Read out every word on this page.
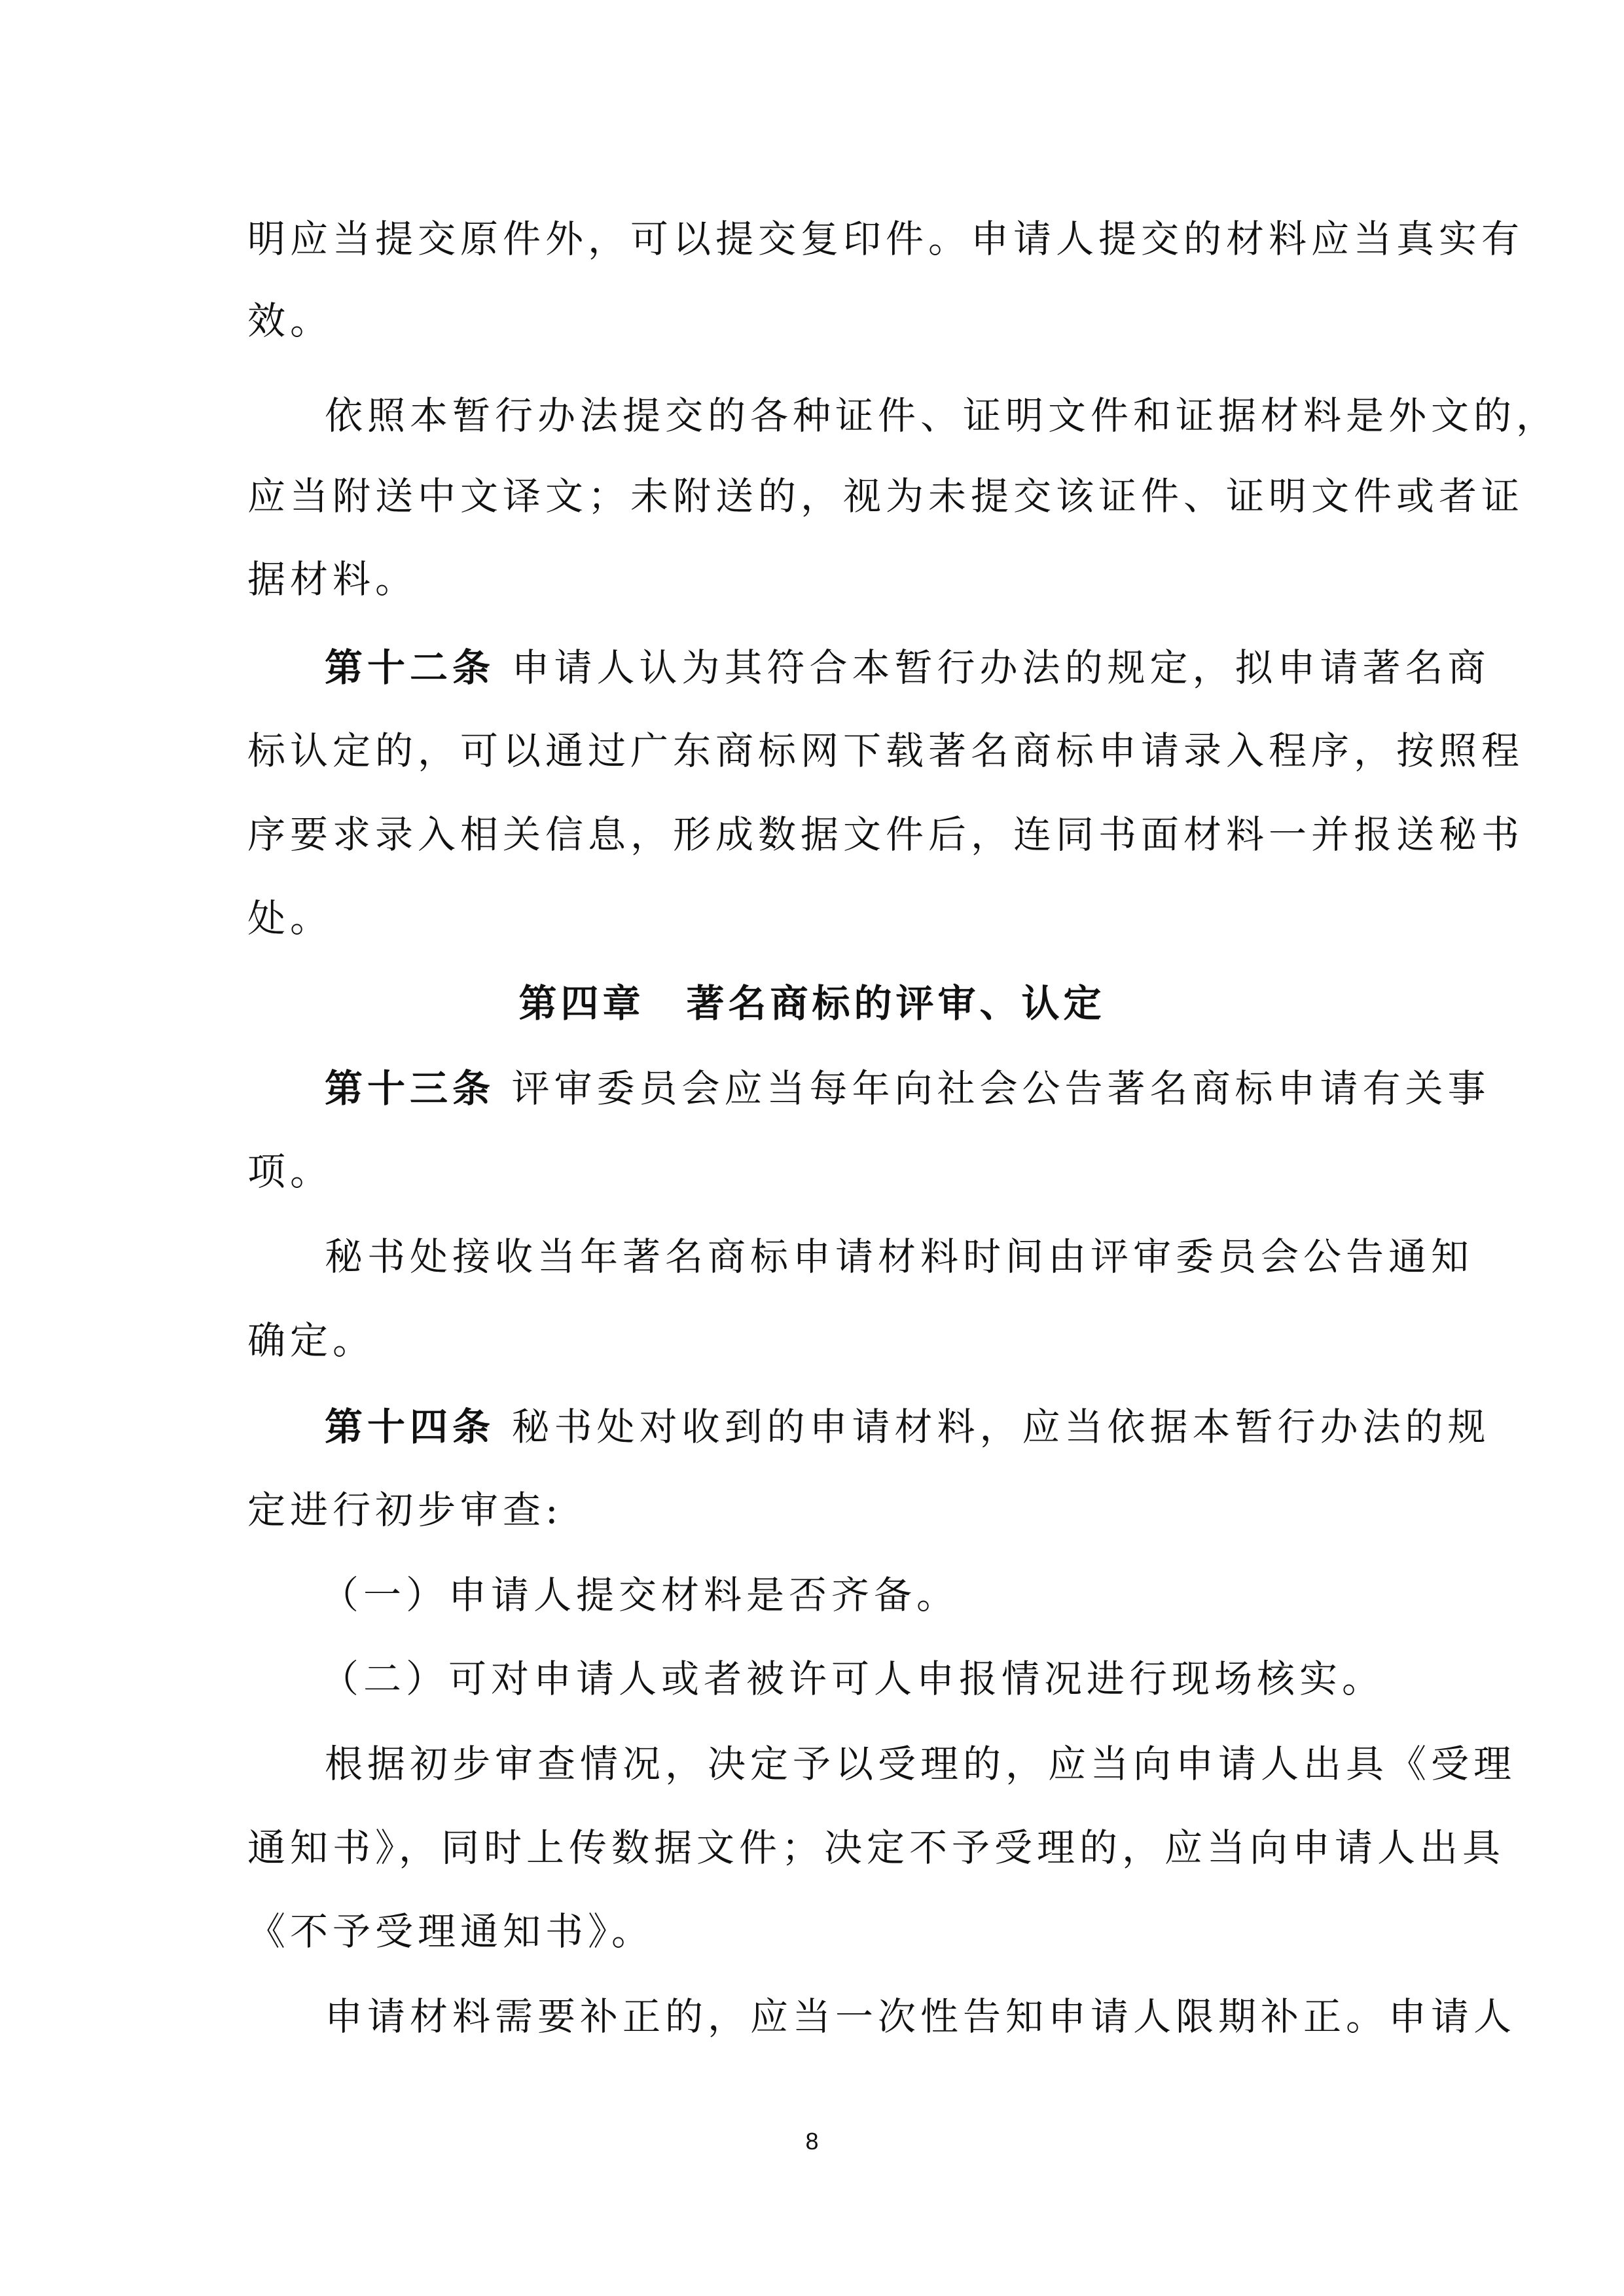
明应当提交原件外，可以提交复印件。申请人提交的材料应当真实有
效。
依照本暂行办法提交的各种证件、证明文件和证据材料是外文的，
应当附送中文译文；未附送的，视为未提交该证件、证明文件或者证
据材料。
第十二条 申请人认为其符合本暂行办法的规定，拟申请著名商
标认定的，可以通过广东商标网下载著名商标申请录入程序，按照程
序要求录入相关信息，形成数据文件后，连同书面材料一并报送秘书
处。
第四章　著名商标的评审、认定
第十三条 评审委员会应当每年向社会公告著名商标申请有关事
项。
秘书处接收当年著名商标申请材料时间由评审委员会公告通知
确定。
第十四条 秘书处对收到的申请材料，应当依据本暂行办法的规
定进行初步审查:
（一）申请人提交材料是否齐备。
（二）可对申请人或者被许可人申报情况进行现场核实。
根据初步审查情况，决定予以受理的，应当向申请人出具《受理
通知书》，同时上传数据文件；决定不予受理的，应当向申请人出具
《不予受理通知书》。
申请材料需要补正的，应当一次性告知申请人限期补正。申请人
8
